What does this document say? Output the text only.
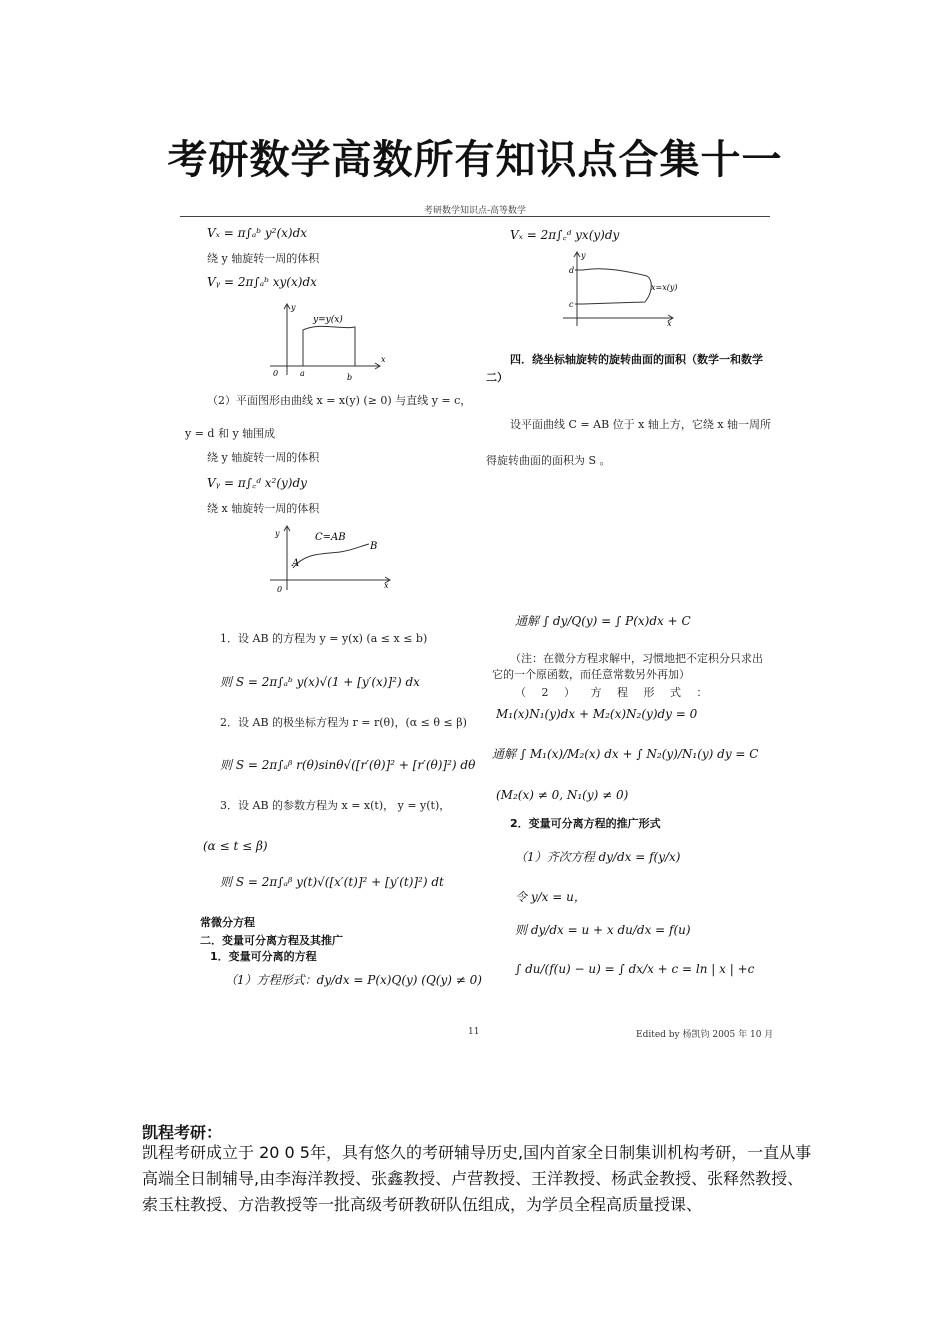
考研数学高数所有知识点合集十一
考研数学知识点-高等数学
Vₓ = π∫ₐᵇ y²(x)dx
绕 y 轴旋转一周的体积
Vᵧ = 2π∫ₐᵇ xy(x)dx
y=y(x)
x
y
0	a	b
（2）平面图形由曲线 x = x(y) (≥ 0) 与直线 y = c，
y = d 和 y 轴围成
绕 y 轴旋转一周的体积
Vᵧ = π∫꜀ᵈ x²(y)dy
绕 x 轴旋转一周的体积
C=AB
A
B
x
y
0
1．设 AB 的方程为 y = y(x) (a ≤ x ≤ b)
则 S = 2π∫ₐᵇ y(x)√(1 + [y′(x)]²) dx
2．设 AB 的极坐标方程为 r = r(θ)，(α ≤ θ ≤ β)
则 S = 2π∫ₐᵝ r(θ)sinθ√([r′(θ)]² + [r′(θ)]²) dθ
3．设 AB 的参数方程为 x = x(t)， y = y(t)，
(α ≤ t ≤ β)
则 S = 2π∫ₐᵝ y(t)√([x′(t)]² + [y′(t)]²) dt
常微分方程
二．变量可分离方程及其推广
1．变量可分离的方程
（1）方程形式：dy/dx = P(x)Q(y) (Q(y) ≠ 0)
Vₓ = 2π∫꜀ᵈ yx(y)dy
x=x(y)
d
c
x
y
四．绕坐标轴旋转的旋转曲面的面积（数学一和数学
二）
设平面曲线 C = AB 位于 x 轴上方，它绕 x 轴一周所
得旋转曲面的面积为 S 。
通解 ∫ dy/Q(y) = ∫ P(x)dx + C
（注：在微分方程求解中，习惯地把不定积分只求出
它的一个原函数，而任意常数另外再加）
（ 2 ） 方 程 形 式 ：
M₁(x)N₁(y)dx + M₂(x)N₂(y)dy = 0
通解 ∫ M₁(x)/M₂(x) dx + ∫ N₂(y)/N₁(y) dy = C
(M₂(x) ≠ 0, N₁(y) ≠ 0)
2．变量可分离方程的推广形式
（1）齐次方程 dy/dx = f(y/x)
令 y/x = u，
则 dy/dx = u + x du/dx = f(u)
∫ du/(f(u) − u) = ∫ dx/x + c = ln | x | +c
11	Edited by 杨凯钧 2005 年 10 月
凯程考研：
凯程考研成立于 20 0 5年，具有悠久的考研辅导历史,国内首家全日制集训机构考研，一直从事高端全日制辅导,由李海洋教授、张鑫教授、卢营教授、王洋教授、杨武金教授、张释然教授、索玉柱教授、方浩教授等一批高级考研教研队伍组成，为学员全程高质量授课、
